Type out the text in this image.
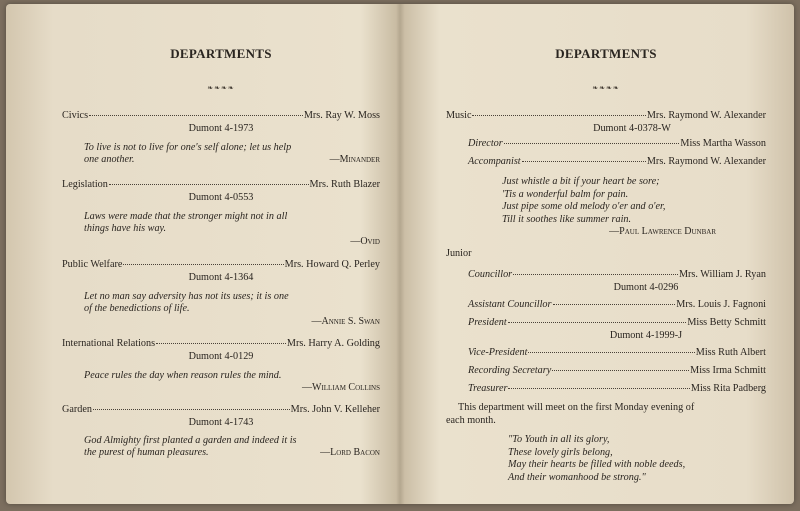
DEPARTMENTS
❧❧❧❧
Civics	Mrs. Ray W. Moss
Dumont 4-1973
To live is not to live for one's self alone; let us help
one another.	—Minander
Legislation	Mrs. Ruth Blazer
Dumont 4-0553
Laws were made that the stronger might not in all
things have his way.
—Ovid
Public Welfare	Mrs. Howard Q. Perley
Dumont 4-1364
Let no man say adversity has not its uses; it is one
of the benedictions of life.
—Annie S. Swan
International Relations	Mrs. Harry A. Golding
Dumont 4-0129
Peace rules the day when reason rules the mind.
—William Collins
Garden	Mrs. John V. Kelleher
Dumont 4-1743
God Almighty first planted a garden and indeed it is
the purest of human pleasures.	—Lord Bacon
DEPARTMENTS
❧❧❧❧
Music	Mrs. Raymond W. Alexander
Dumont 4-0378-W
Director	Miss Martha Wasson
Accompanist	Mrs. Raymond W. Alexander
Just whistle a bit if your heart be sore;
'Tis a wonderful balm for pain.
Just pipe some old melody o'er and o'er,
Till it soothes like summer rain.
—Paul Lawrence Dunbar
Junior
Councillor	Mrs. William J. Ryan
Dumont 4-0296
Assistant Councillor	Mrs. Louis J. Fagnoni
President	Miss Betty Schmitt
Dumont 4-1999-J
Vice-President	Miss Ruth Albert
Recording Secretary	Miss Irma Schmitt
Treasurer	Miss Rita Padberg
This department will meet on the first Monday evening of
each month.
"To Youth in all its glory,
These lovely girls belong,
May their hearts be filled with noble deeds,
And their womanhood be strong."
